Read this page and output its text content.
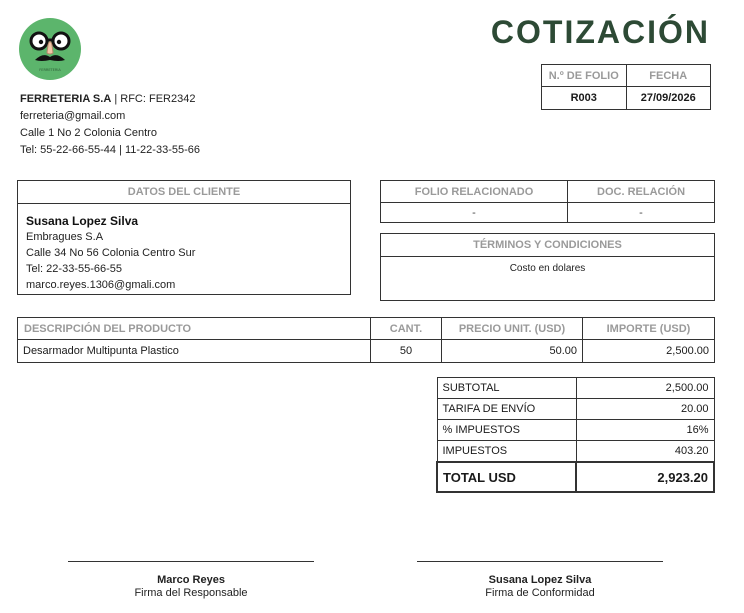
FERRETERIA
FERRETERIA S.A | RFC: FER2342
ferreteria@gmail.com
Calle 1 No 2 Colonia Centro
Tel: 55-22-66-55-44 | 11-22-33-55-66
COTIZACIÓN
N.º DE FOLIO	FECHA
R003	27/09/2026
DATOS DEL CLIENTE
Susana Lopez Silva
Embragues S.A
Calle 34 No 56 Colonia Centro Sur
Tel: 22-33-55-66-55
marco.reyes.1306@gmali.com
FOLIO RELACIONADO	DOC. RELACIÓN
-	-
TÉRMINOS Y CONDICIONES
Costo en dolares
DESCRIPCIÓN DEL PRODUCTO	CANT.	PRECIO UNIT. (USD)	IMPORTE (USD)
Desarmador Multipunta Plastico	50	50.00	2,500.00
SUBTOTAL	2,500.00
TARIFA DE ENVÍO	20.00
% IMPUESTOS	16%
IMPUESTOS	403.20
TOTAL USD	2,923.20
Marco Reyes
Firma del Responsable
Susana Lopez Silva
Firma de Conformidad
